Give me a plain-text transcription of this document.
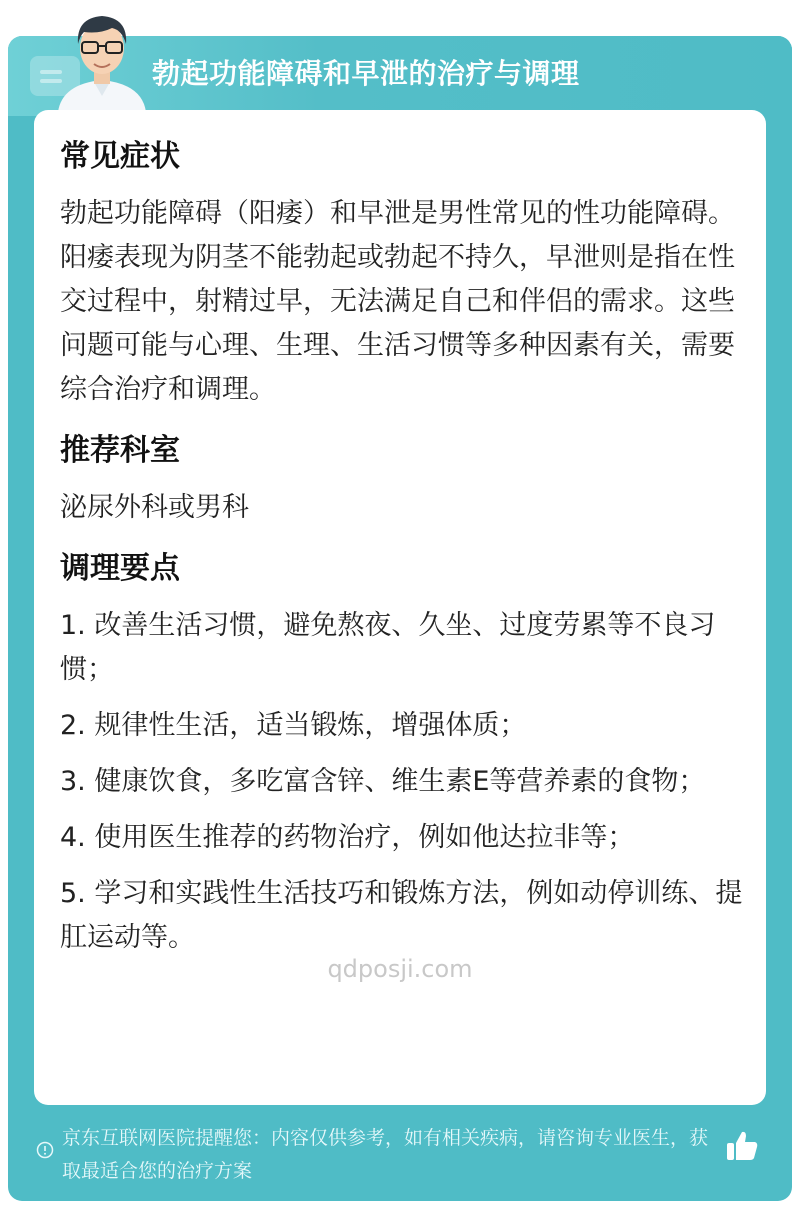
勃起功能障碍和早泄的治疗与调理
常见症状

勃起功能障碍（阳痿）和早泄是男性常见的性功能障碍。阳痿表现为阴茎不能勃起或勃起不持久，早泄则是指在性交过程中，射精过早，无法满足自己和伴侣的需求。这些问题可能与心理、生理、生活习惯等多种因素有关，需要综合治疗和调理。

推荐科室

泌尿外科或男科

调理要点
1. 改善生活习惯，避免熬夜、久坐、过度劳累等不良习惯；
2. 规律性生活，适当锻炼，增强体质；
3. 健康饮食，多吃富含锌、维生素E等营养素的食物；
4. 使用医生推荐的药物治疗，例如他达拉非等；
5. 学习和实践性生活技巧和锻炼方法，例如动停训练、提肛运动等。
qdposji.com
京东互联网医院提醒您：内容仅供参考，如有相关疾病，请咨询专业医生，获取最适合您的治疗方案
